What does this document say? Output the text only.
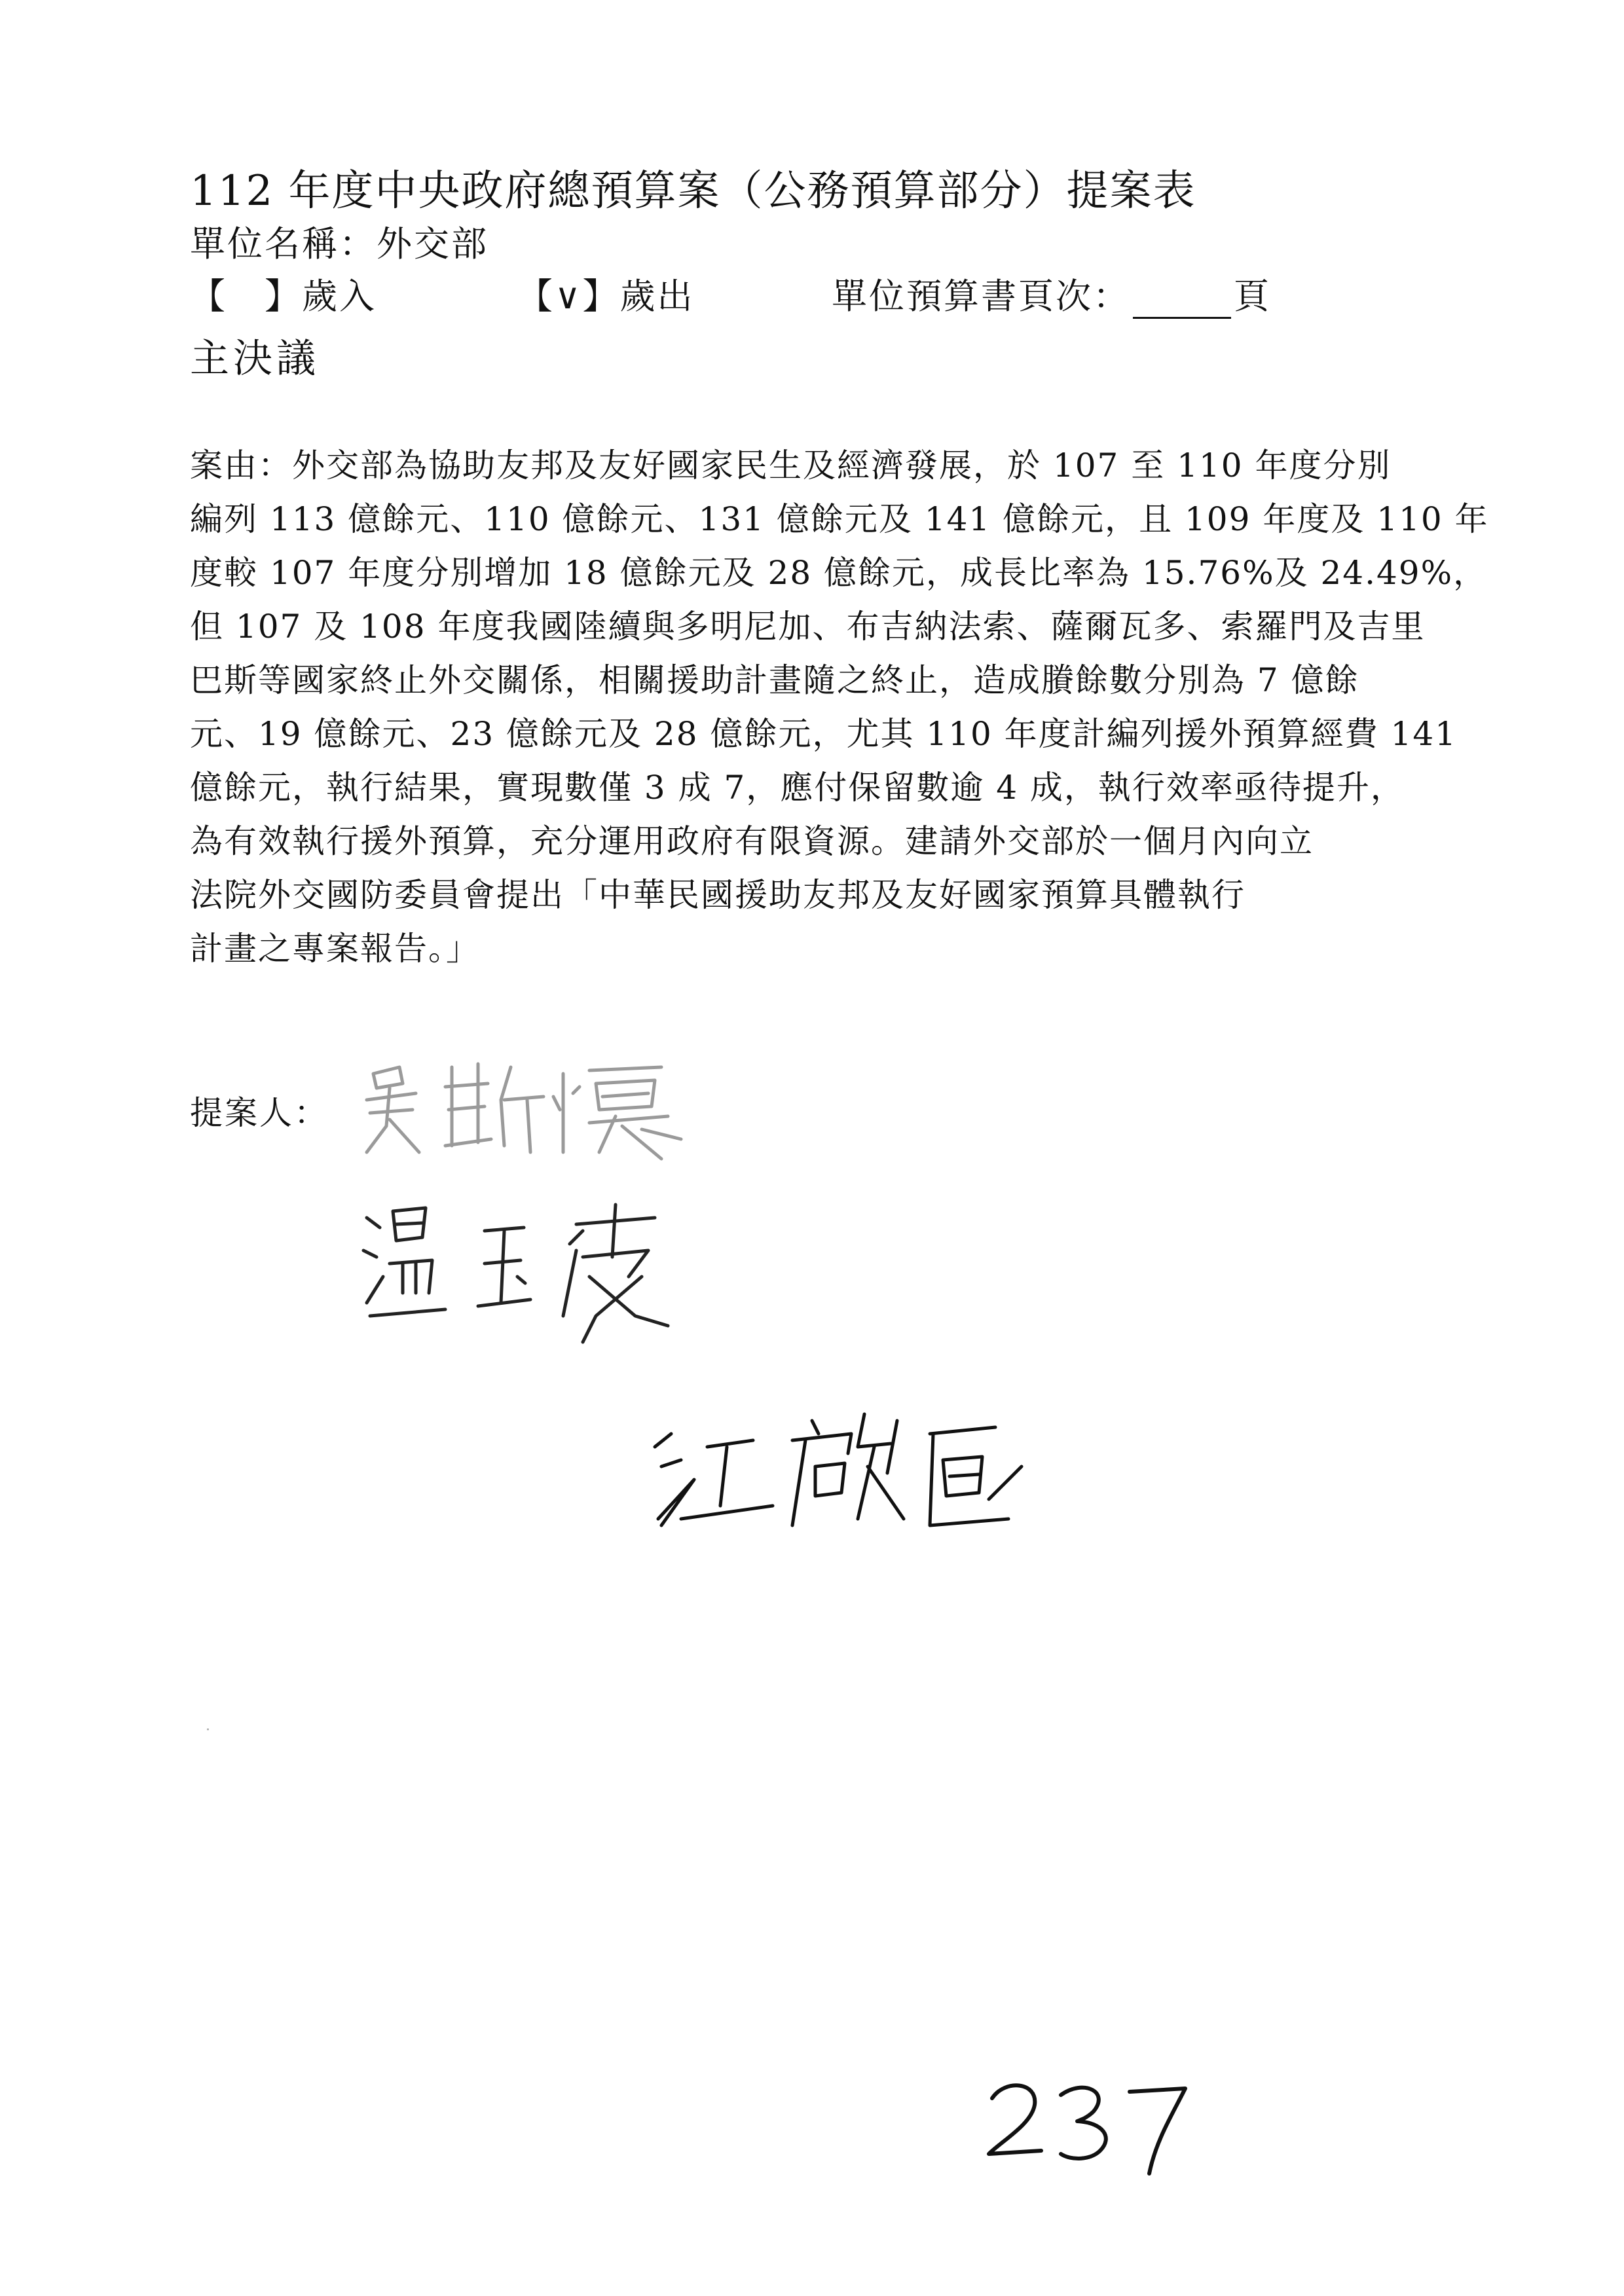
112 年度中央政府總預算案（公務預算部分）提案表
單位名稱：外交部
【　】歲入	【∨】歲出	單位預算書頁次：	頁
主決議
案由：外交部為協助友邦及友好國家民生及經濟發展，於 107 至 110 年度分別
編列 113 億餘元、110 億餘元、131 億餘元及 141 億餘元，且 109 年度及 110 年
度較 107 年度分別增加 18 億餘元及 28 億餘元，成長比率為 15.76%及 24.49%，
但 107 及 108 年度我國陸續與多明尼加、布吉納法索、薩爾瓦多、索羅門及吉里
巴斯等國家終止外交關係，相關援助計畫隨之終止，造成賸餘數分別為 7 億餘
元、19 億餘元、23 億餘元及 28 億餘元，尤其 110 年度計編列援外預算經費 141
億餘元，執行結果，實現數僅 3 成 7，應付保留數逾 4 成，執行效率亟待提升，
為有效執行援外預算，充分運用政府有限資源。建請外交部於一個月內向立
法院外交國防委員會提出「中華民國援助友邦及友好國家預算具體執行
計畫之專案報告。」
提案人：
